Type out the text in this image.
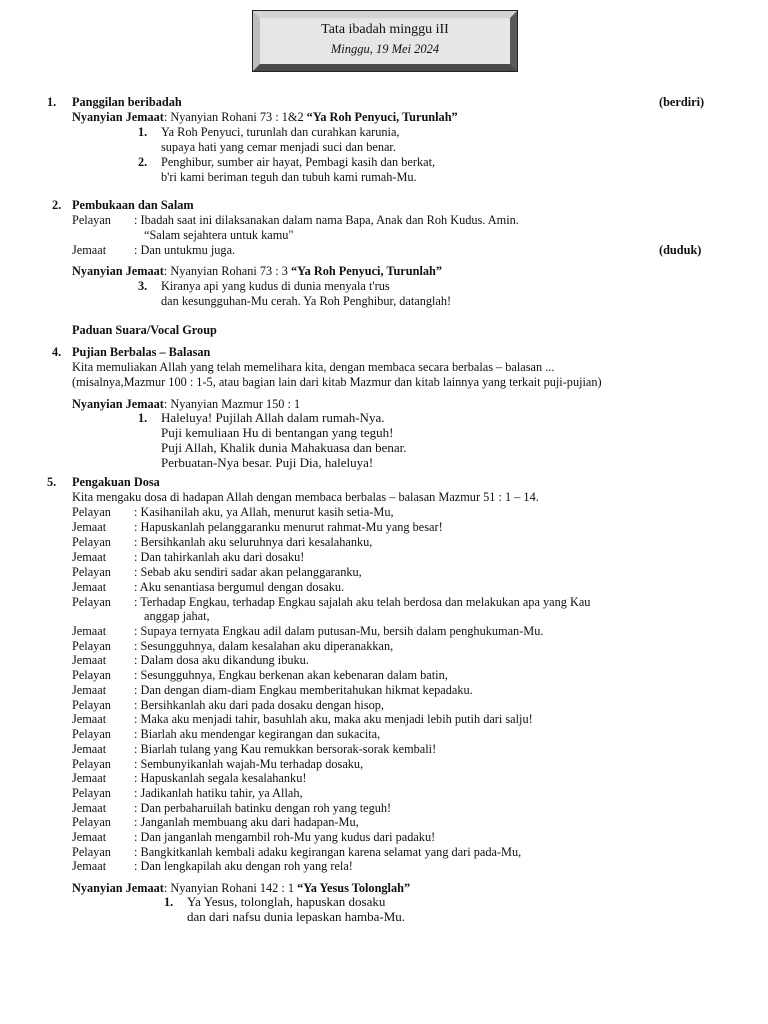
Tata ibadah minggu iII
Minggu, 19 Mei 2024
1. Panggilan beribadah	(berdiri)
Nyanyian Jemaat: Nyanyian Rohani 73 : 1&2 “Ya Roh Penyuci, Turunlah”
1. Ya Roh Penyuci, turunlah dan curahkan karunia,
supaya hati yang cemar menjadi suci dan benar.
2. Penghibur, sumber air hayat, Pembagi kasih dan berkat,
b'ri kami beriman teguh dan tubuh kami rumah-Mu.
2. Pembukaan dan Salam
Pelayan : Ibadah saat ini dilaksanakan dalam nama Bapa, Anak dan Roh Kudus. Amin.
“Salam sejahtera untuk kamu"
Jemaat : Dan untukmu juga.	(duduk)
Nyanyian Jemaat: Nyanyian Rohani 73 : 3 “Ya Roh Penyuci, Turunlah”
3. Kiranya api yang kudus di dunia menyala t'rus
dan kesungguhan-Mu cerah. Ya Roh Penghibur, datanglah!
Paduan Suara/Vocal Group
4. Pujian Berbalas – Balasan
Kita memuliakan Allah yang telah memelihara kita, dengan membaca secara berbalas – balasan ...
(misalnya,Mazmur 100 : 1-5, atau bagian lain dari kitab Mazmur dan kitab lainnya yang terkait puji-pujian)
Nyanyian Jemaat: Nyanyian Mazmur 150 : 1
1. Haleluya! Pujilah Allah dalam rumah-Nya.
Puji kemuliaan Hu di bentangan yang teguh!
Puji Allah, Khalik dunia Mahakuasa dan benar.
Perbuatan-Nya besar. Puji Dia, haleluya!
5. Pengakuan Dosa
Kita mengaku dosa di hadapan Allah dengan membaca berbalas – balasan Mazmur 51 : 1 – 14.
Pelayan : Kasihanilah aku, ya Allah, menurut kasih setia-Mu,
Jemaat : Hapuskanlah pelanggaranku menurut rahmat-Mu yang besar!
Pelayan : Bersihkanlah aku seluruhnya dari kesalahanku,
Jemaat : Dan tahirkanlah aku dari dosaku!
Pelayan : Sebab aku sendiri sadar akan pelanggaranku,
Jemaat : Aku senantiasa bergumul dengan dosaku.
Pelayan : Terhadap Engkau, terhadap Engkau sajalah aku telah berdosa dan melakukan apa yang Kau
anggap jahat,
Jemaat : Supaya ternyata Engkau adil dalam putusan-Mu, bersih dalam penghukuman-Mu.
Pelayan : Sesungguhnya, dalam kesalahan aku diperanakkan,
Jemaat : Dalam dosa aku dikandung ibuku.
Pelayan : Sesungguhnya, Engkau berkenan akan kebenaran dalam batin,
Jemaat : Dan dengan diam-diam Engkau memberitahukan hikmat kepadaku.
Pelayan : Bersihkanlah aku dari pada dosaku dengan hisop,
Jemaat : Maka aku menjadi tahir, basuhlah aku, maka aku menjadi lebih putih dari salju!
Pelayan : Biarlah aku mendengar kegirangan dan sukacita,
Jemaat : Biarlah tulang yang Kau remukkan bersorak-sorak kembali!
Pelayan : Sembunyikanlah wajah-Mu terhadap dosaku,
Jemaat : Hapuskanlah segala kesalahanku!
Pelayan : Jadikanlah hatiku tahir, ya Allah,
Jemaat : Dan perbaharuilah batinku dengan roh yang teguh!
Pelayan : Janganlah membuang aku dari hadapan-Mu,
Jemaat : Dan janganlah mengambil roh-Mu yang kudus dari padaku!
Pelayan : Bangkitkanlah kembali adaku kegirangan karena selamat yang dari pada-Mu,
Jemaat : Dan lengkapilah aku dengan roh yang rela!
Nyanyian Jemaat: Nyanyian Rohani 142 : 1 “Ya Yesus Tolonglah”
1. Ya Yesus, tolonglah, hapuskan dosaku
dan dari nafsu dunia lepaskan hamba-Mu.
